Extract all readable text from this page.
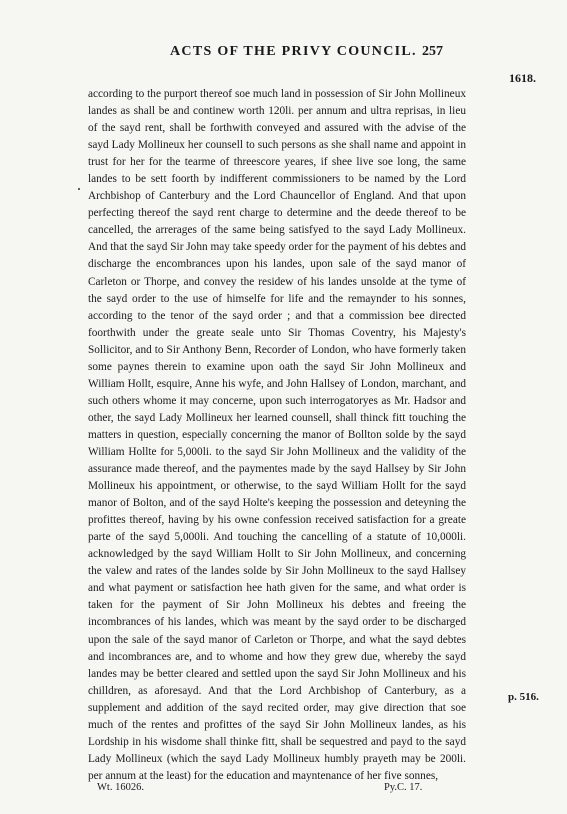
ACTS OF THE PRIVY COUNCIL. 257
1618.
according to the purport thereof soe much land in possession of Sir John Mollineux landes as shall be and continew worth 120li. per annum and ultra reprisas, in lieu of the sayd rent, shall be forthwith conveyed and assured with the advise of the sayd Lady Mollineux her counsell to such persons as she shall name and appoint in trust for her for the tearme of threescore yeares, if shee live soe long, the same landes to be sett foorth by indifferent commissioners to be named by the Lord Archbishop of Canterbury and the Lord Chauncellor of England. And that upon perfecting thereof the sayd rent charge to determine and the deede thereof to be cancelled, the arrerages of the same being satisfyed to the sayd Lady Mollineux. And that the sayd Sir John may take speedy order for the payment of his debtes and discharge the encombrances upon his landes, upon sale of the sayd manor of Carleton or Thorpe, and convey the residew of his landes unsolde at the tyme of the sayd order to the use of himselfe for life and the remaynder to his sonnes, according to the tenor of the sayd order ; and that a commission bee directed foorthwith under the greate seale unto Sir Thomas Coventry, his Majesty's Sollicitor, and to Sir Anthony Benn, Recorder of London, who have formerly taken some paynes therein to examine upon oath the sayd Sir John Mollineux and William Hollt, esquire, Anne his wyfe, and John Hallsey of London, marchant, and such others whome it may concerne, upon such interrogatoryes as Mr. Hadsor and other, the sayd Lady Mollineux her learned counsell, shall thinck fitt touching the matters in question, especially concerning the manor of Bollton solde by the sayd William Hollte for 5,000li. to the sayd Sir John Mollineux and the validity of the assurance made thereof, and the paymentes made by the sayd Hallsey by Sir John Mollineux his appointment, or otherwise, to the sayd William Hollt for the sayd manor of Bolton, and of the sayd Holte's keeping the possession and deteyning the profittes thereof, having by his owne confession received satisfaction for a greate parte of the sayd 5,000li. And touching the cancelling of a statute of 10,000li. acknowledged by the sayd William Hollt to Sir John Mollineux, and concerning the valew and rates of the landes solde by Sir John Mollineux to the sayd Hallsey and what payment or satisfaction hee hath given for the same, and what order is taken for the payment of Sir John Mollineux his debtes and freeing the incombrances of his landes, which was meant by the sayd order to be discharged upon the sale of the sayd manor of Carleton or Thorpe, and what the sayd debtes and incombrances are, and to whome and how they grew due, whereby the sayd landes may be better cleared and settled upon the sayd Sir John Mollineux and his chilldren, as aforesayd. And that the Lord Archbishop of Canterbury, as a supplement and addition of the sayd recited order, may give direction that soe much of the rentes and profittes of the sayd Sir John Mollineux landes, as his Lordship in his wisdome shall thinke fitt, shall be sequestred and payd to the sayd Lady Mollineux (which the sayd Lady Mollineux humbly prayeth may be 200li. per annum at the least) for the education and mayntenance of her five sonnes,
p. 516.
Wt. 16026.	Py.C. 17.
